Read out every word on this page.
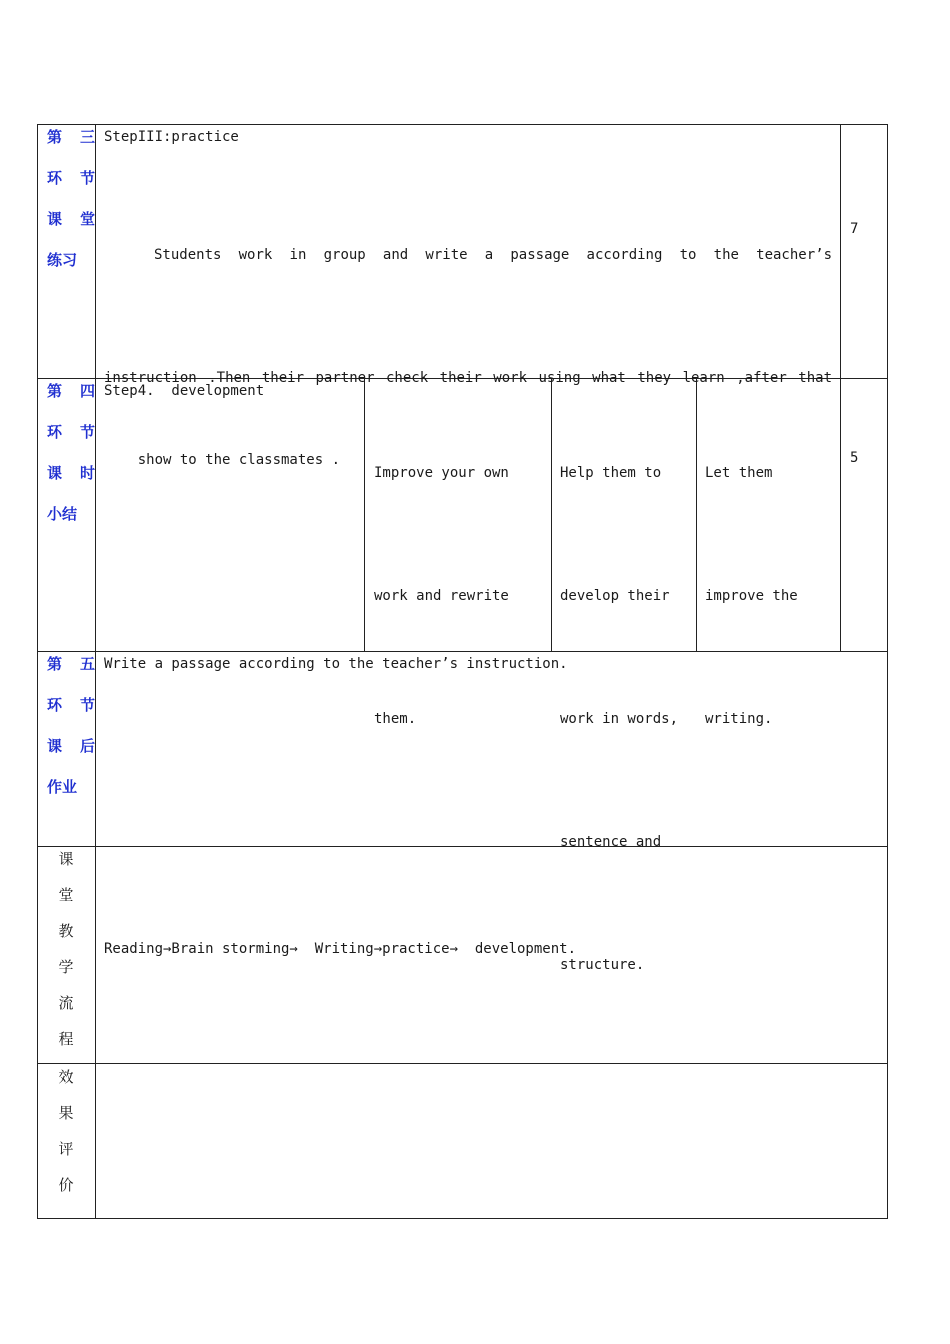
第 三
环 节
课 堂
练习
StepIII:practice

Students  work  in  group  and  write  a  passage  according  to  the  teacher’s

instruction .Then their partner check their work using what they learn ,after that

show to the classmates .

7
第 四
环 节
课 时
小结
Step4.  development

Improve your own

work and rewrite

them.

Help them to

develop their

work in words,

sentence and

structure.

Let them

improve the

writing.

5
第 五
环 节
课 后
作业
Write a passage according to the teacher’s instruction.
课
堂
教
学
流
程
Reading→Brain storming→  Writing→practice→  development.
效
果
评
价
